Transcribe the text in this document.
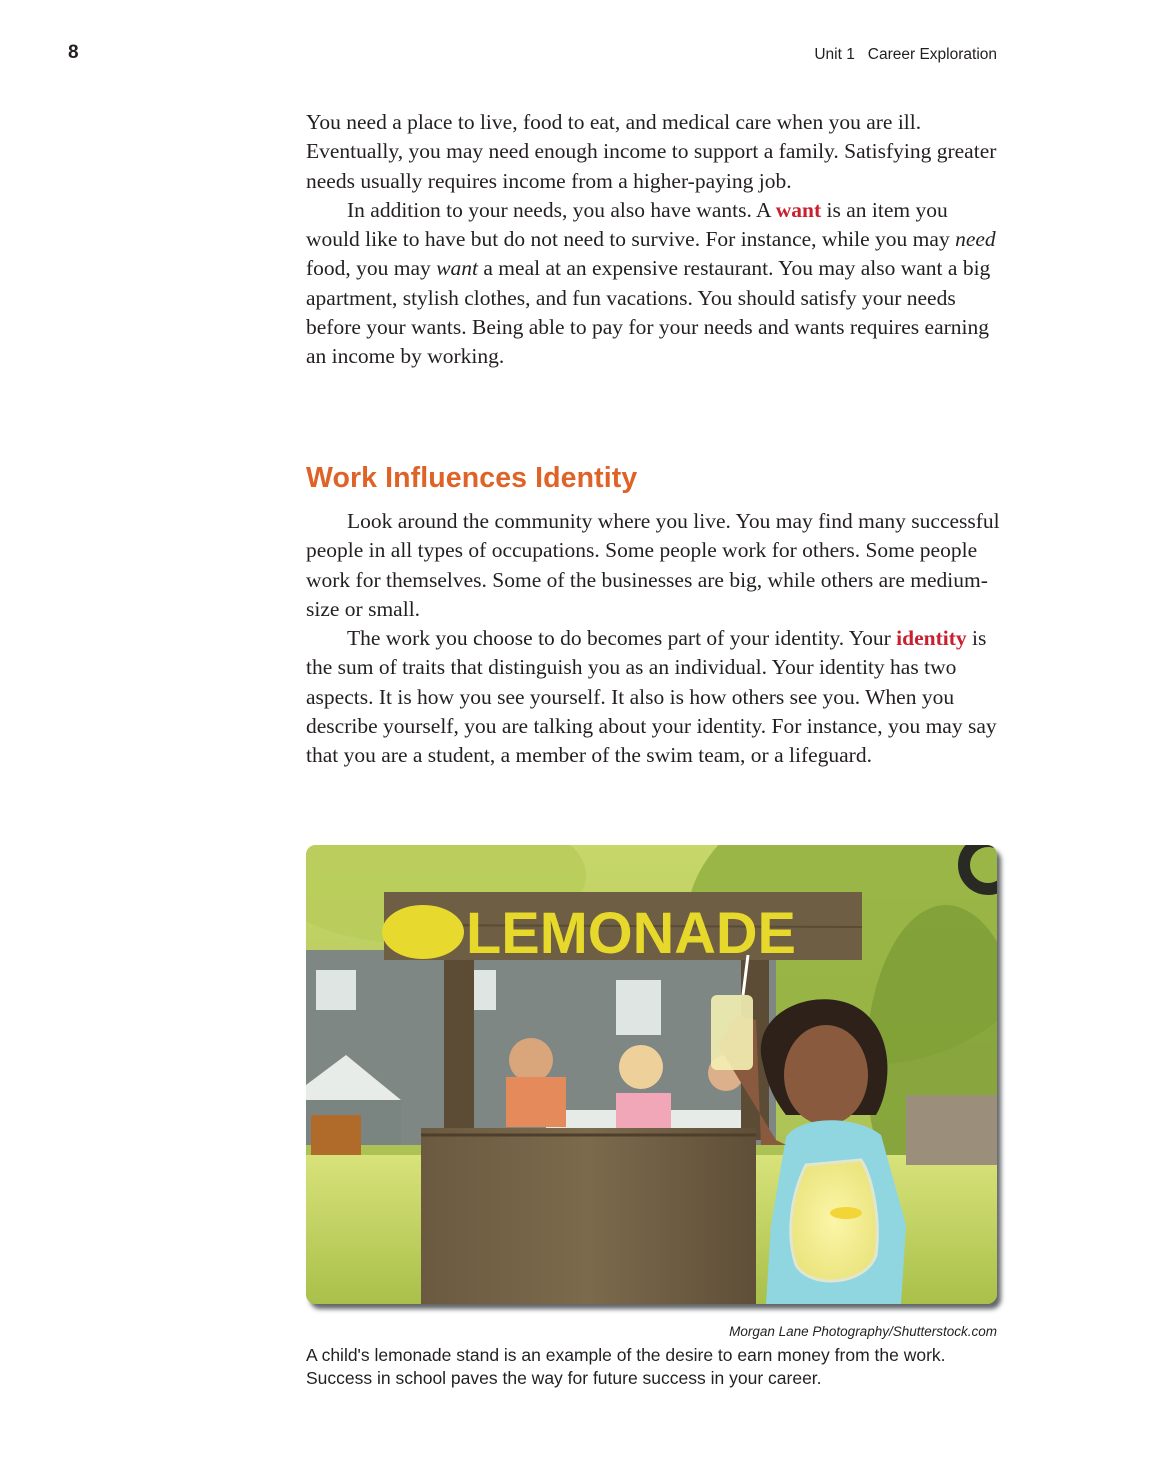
8	Unit 1   Career Exploration

You need a place to live, food to eat, and medical care when you are ill. Eventually, you may need enough income to support a family. Satisfying greater needs usually requires income from a higher-paying job.

In addition to your needs, you also have wants. A want is an item you would like to have but do not need to survive. For instance, while you may need food, you may want a meal at an expensive restaurant. You may also want a big apartment, stylish clothes, and fun vacations. You should satisfy your needs before your wants. Being able to pay for your needs and wants requires earning an income by working.

Work Influences Identity

Look around the community where you live. You may find many successful people in all types of occupations. Some people work for others. Some people work for themselves. Some of the businesses are big, while others are medium-size or small.

The work you choose to do becomes part of your identity. Your identity is the sum of traits that distinguish you as an individual. Your identity has two aspects. It is how you see yourself. It also is how others see you. When you describe yourself, you are talking about your identity. For instance, you may say that you are a student, a member of the swim team, or a lifeguard.

LEMONADE
Morgan Lane Photography/Shutterstock.com

A child's lemonade stand is an example of the desire to earn money from the work. Success in school paves the way for future success in your career.
